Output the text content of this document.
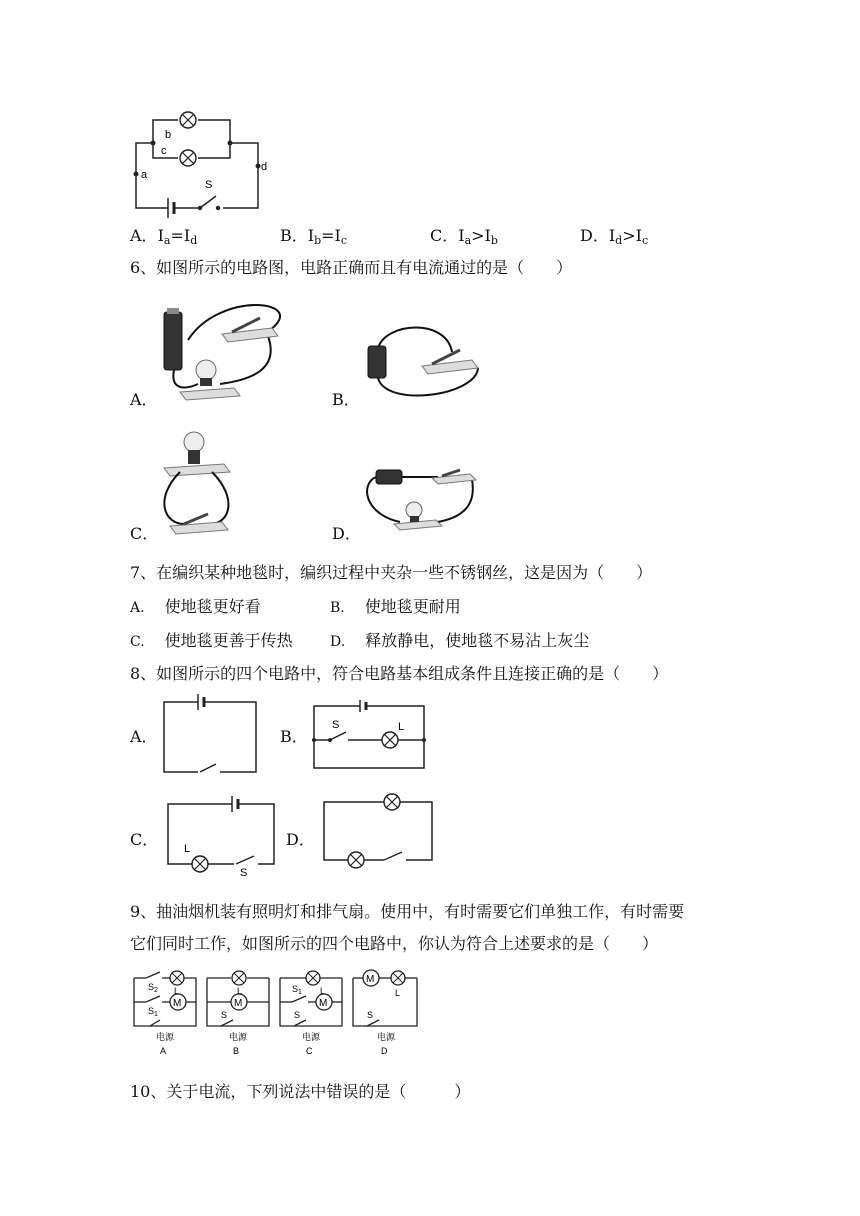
b
c
a
d
S
A．$I_a=I_d$	B．$I_b=I_c$	C．$I_a>I_b$	D．$I_d>I_c$
6、如图所示的电路图，电路正确而且有电流通过的是（　　）
A．	B．
C．	D．
7、在编织某种地毯时，编织过程中夹杂一些不锈钢丝，这是因为（　　）
A. 使地毯更好看	B. 使地毯更耐用
C. 使地毯更善于传热	D. 释放静电，使地毯不易沾上灰尘
8、如图所示的四个电路中，符合电路基本组成条件且连接正确的是（　　）
A．	B．
C．	D．
S	L
L
S
9、抽油烟机装有照明灯和排气扇。使用中，有时需要它们单独工作，有时需要
它们同时工作，如图所示的四个电路中，你认为符合上述要求的是（　　）
M
L
$S_2$
$S_1$
电源
A
M
L
S
电源
B
M
L
$S_1$
S
电源
C
M
L
S
电源
D
10、关于电流，下列说法中错误的是（　　　）
